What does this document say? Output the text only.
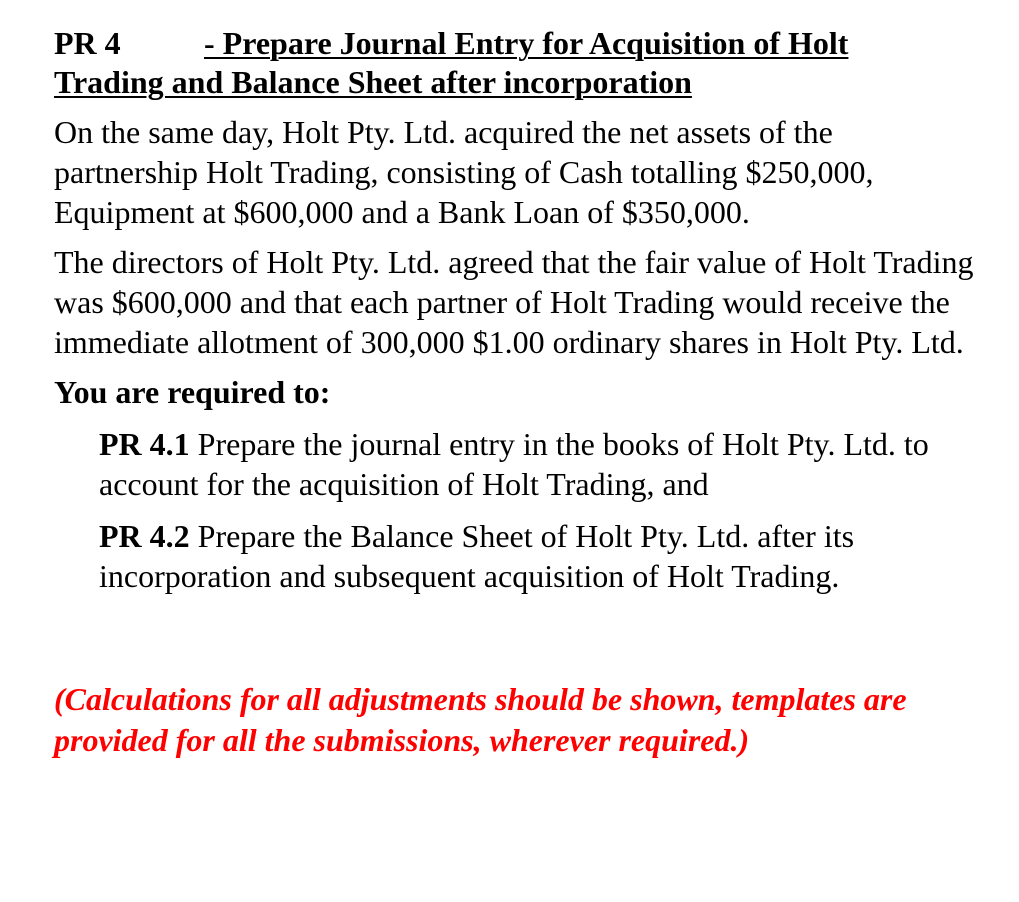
PR 4	- Prepare Journal Entry for Acquisition of Holt
Trading and Balance Sheet after incorporation

On the same day, Holt Pty. Ltd. acquired the net assets of the partnership Holt Trading, consisting of Cash totalling $250,000, Equipment at $600,000 and a Bank Loan of $350,000.

The directors of Holt Pty. Ltd. agreed that the fair value of Holt Trading was $600,000 and that each partner of Holt Trading would receive the immediate allotment of 300,000 $1.00 ordinary shares in Holt Pty. Ltd.

You are required to:

PR 4.1 Prepare the journal entry in the books of Holt Pty. Ltd. to account for the acquisition of Holt Trading, and

PR 4.2 Prepare the Balance Sheet of Holt Pty. Ltd. after its incorporation and subsequent acquisition of Holt Trading.

(Calculations for all adjustments should be shown, templates are provided for all the submissions, wherever required.)
